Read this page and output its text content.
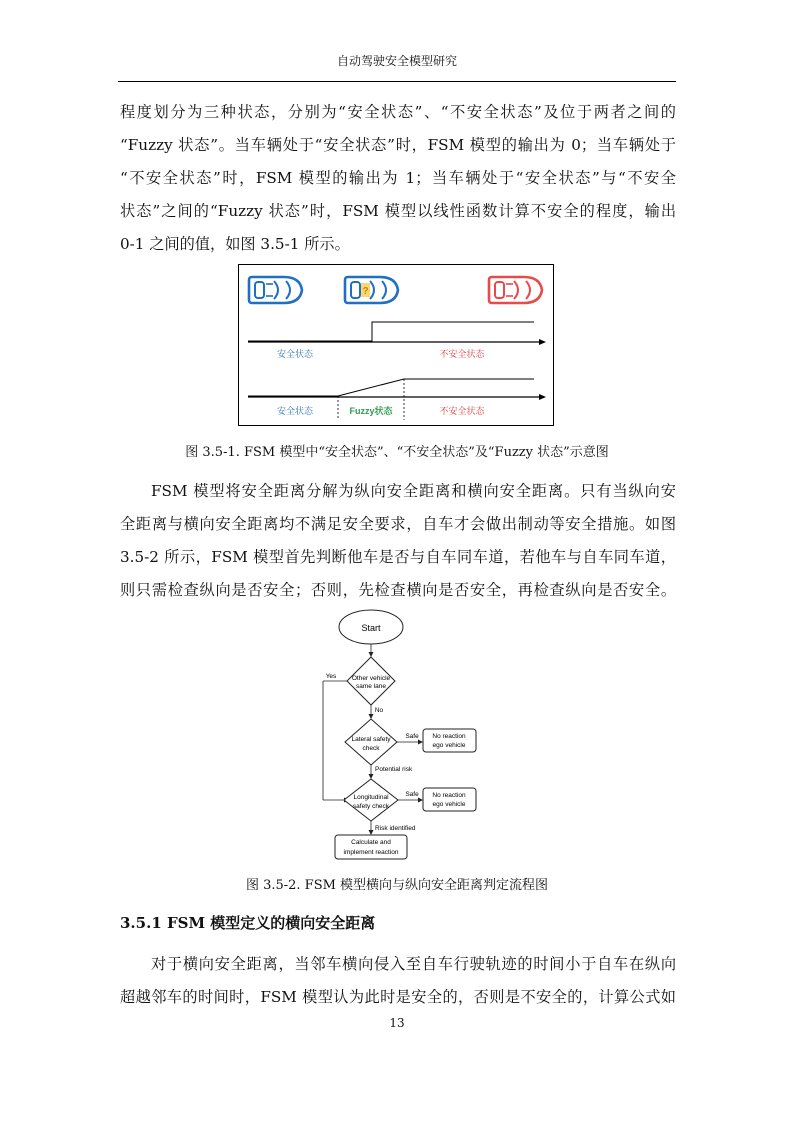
自动驾驶安全模型研究
程度划分为三种状态，分别为“安全状态”、“不安全状态”及位于两者之间的
“Fuzzy 状态”。当车辆处于“安全状态”时，FSM 模型的输出为 0；当车辆处于
“不安全状态”时，FSM 模型的输出为 1；当车辆处于“安全状态”与“不安全
状态”之间的“Fuzzy 状态”时，FSM 模型以线性函数计算不安全的程度，输出
0-1 之间的值，如图 3.5-1 所示。
?
安全状态	不安全状态
安全状态	Fuzzy状态	不安全状态
图 3.5-1. FSM 模型中“安全状态”、“不安全状态”及“Fuzzy 状态”示意图
FSM 模型将安全距离分解为纵向安全距离和横向安全距离。只有当纵向安
全距离与横向安全距离均不满足安全要求，自车才会做出制动等安全措施。如图
3.5-2 所示，FSM 模型首先判断他车是否与自车同车道，若他车与自车同车道，
则只需检查纵向是否安全；否则，先检查横向是否安全，再检查纵向是否安全。
Start
Other vehicle
same lane
Yes
No
Lateral safety
check
Safe No reaction
ego vehicle
Potential risk
Longitudinal
safety check
Safe No reaction
ego vehicle
Risk identified
Calculate and
implement reaction
图 3.5-2. FSM 模型横向与纵向安全距离判定流程图
3.5.1 FSM 模型定义的横向安全距离
对于横向安全距离，当邻车横向侵入至自车行驶轨迹的时间小于自车在纵向
超越邻车的时间时，FSM 模型认为此时是安全的，否则是不安全的，计算公式如
13
